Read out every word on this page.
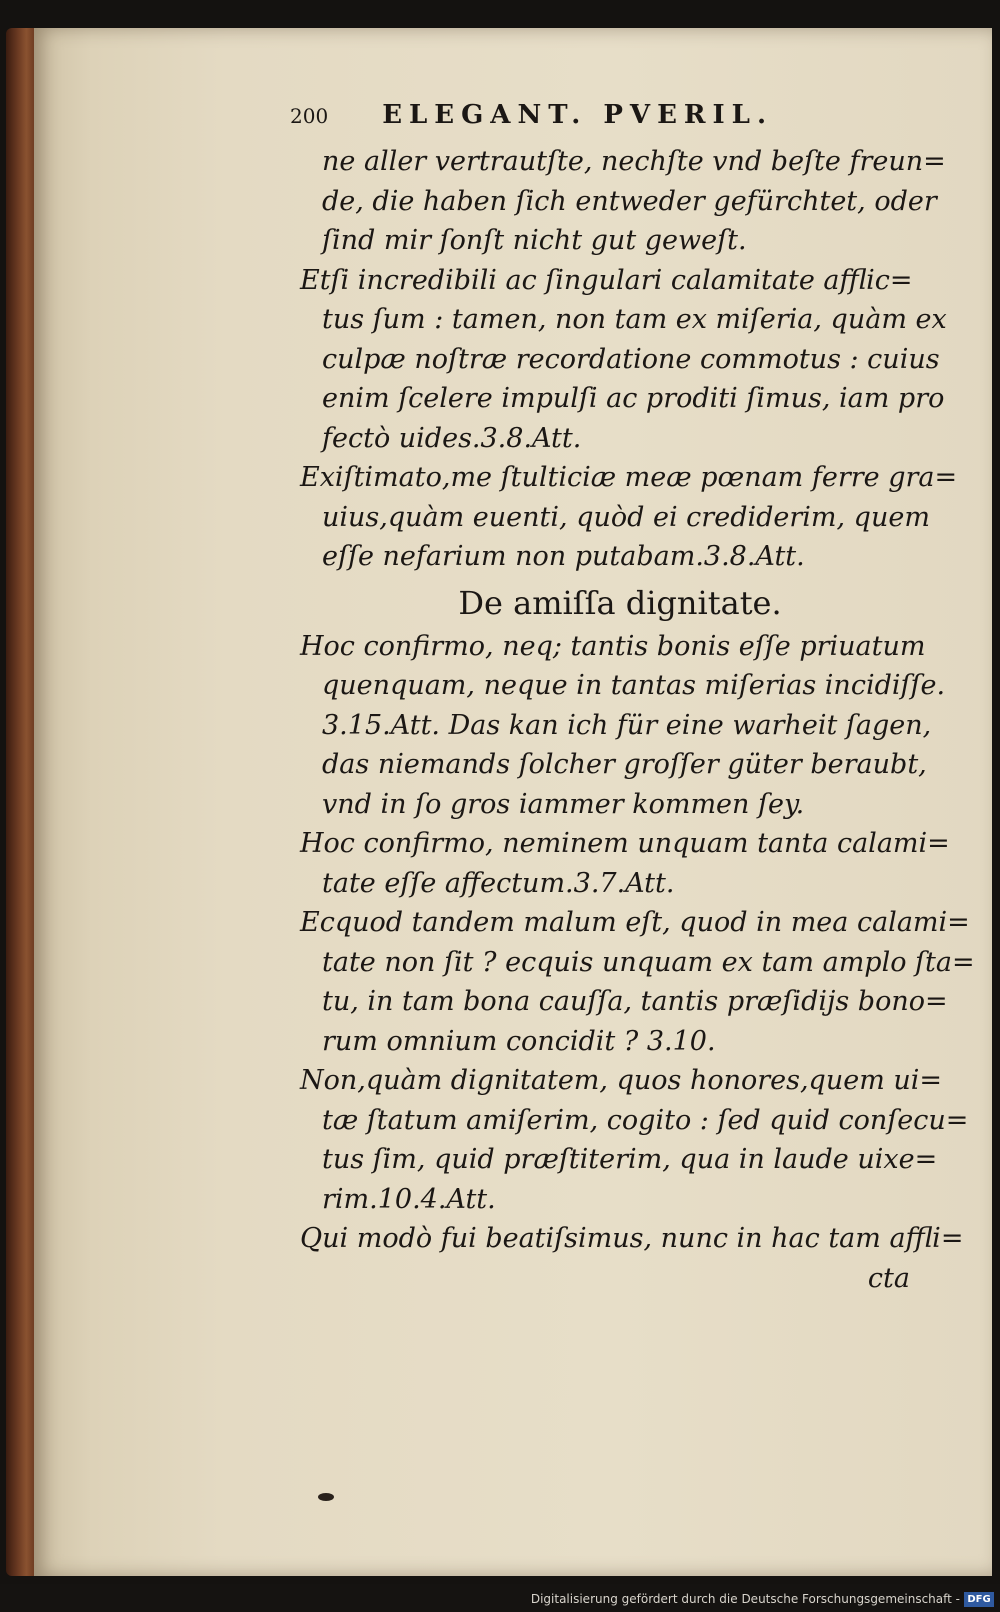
200 ELEGANT. PVERIL.
ne aller vertrautſte, nechſte vnd beſte freun=
de, die haben ſich entweder gefürchtet, oder
ſind mir ſonſt nicht gut geweſt.
Etſi incredibili ac ſingulari calamitate afflic=
tus ſum : tamen, non tam ex miſeria, quàm ex
culpæ noſtræ recordatione commotus : cuius
enim ſcelere impulſi ac proditi ſimus, iam pro
fectò uides.3.8.Att.
Exiſtimato,me ſtulticiæ meæ pœnam ferre gra=
uius,quàm euenti, quòd ei crediderim, quem
eſſe nefarium non putabam.3.8.Att.
De amiſſa dignitate.
Hoc confirmo, neq; tantis bonis eſſe priuatum
quenquam, neque in tantas miſerias incidiſſe.
3.15.Att. Das kan ich für eine warheit ſagen,
das niemands ſolcher groſſer güter beraubt,
vnd in ſo gros iammer kommen ſey.
Hoc confirmo, neminem unquam tanta calami=
tate eſſe affectum.3.7.Att.
Ecquod tandem malum eſt, quod in mea calami=
tate non ſit ? ecquis unquam ex tam amplo ſta=
tu, in tam bona cauſſa, tantis præſidijs bono=
rum omnium concidit ? 3.10.
Non,quàm dignitatem, quos honores,quem ui=
tæ ſtatum amiſerim, cogito : ſed quid conſecu=
tus ſim, quid præſtiterim, qua in laude uixe=
rim.10.4.Att.
Qui modò fui beatiſsimus, nunc in hac tam affli=
cta
Digitalisierung gefördert durch die Deutsche Forschungsgemeinschaft - DFG
